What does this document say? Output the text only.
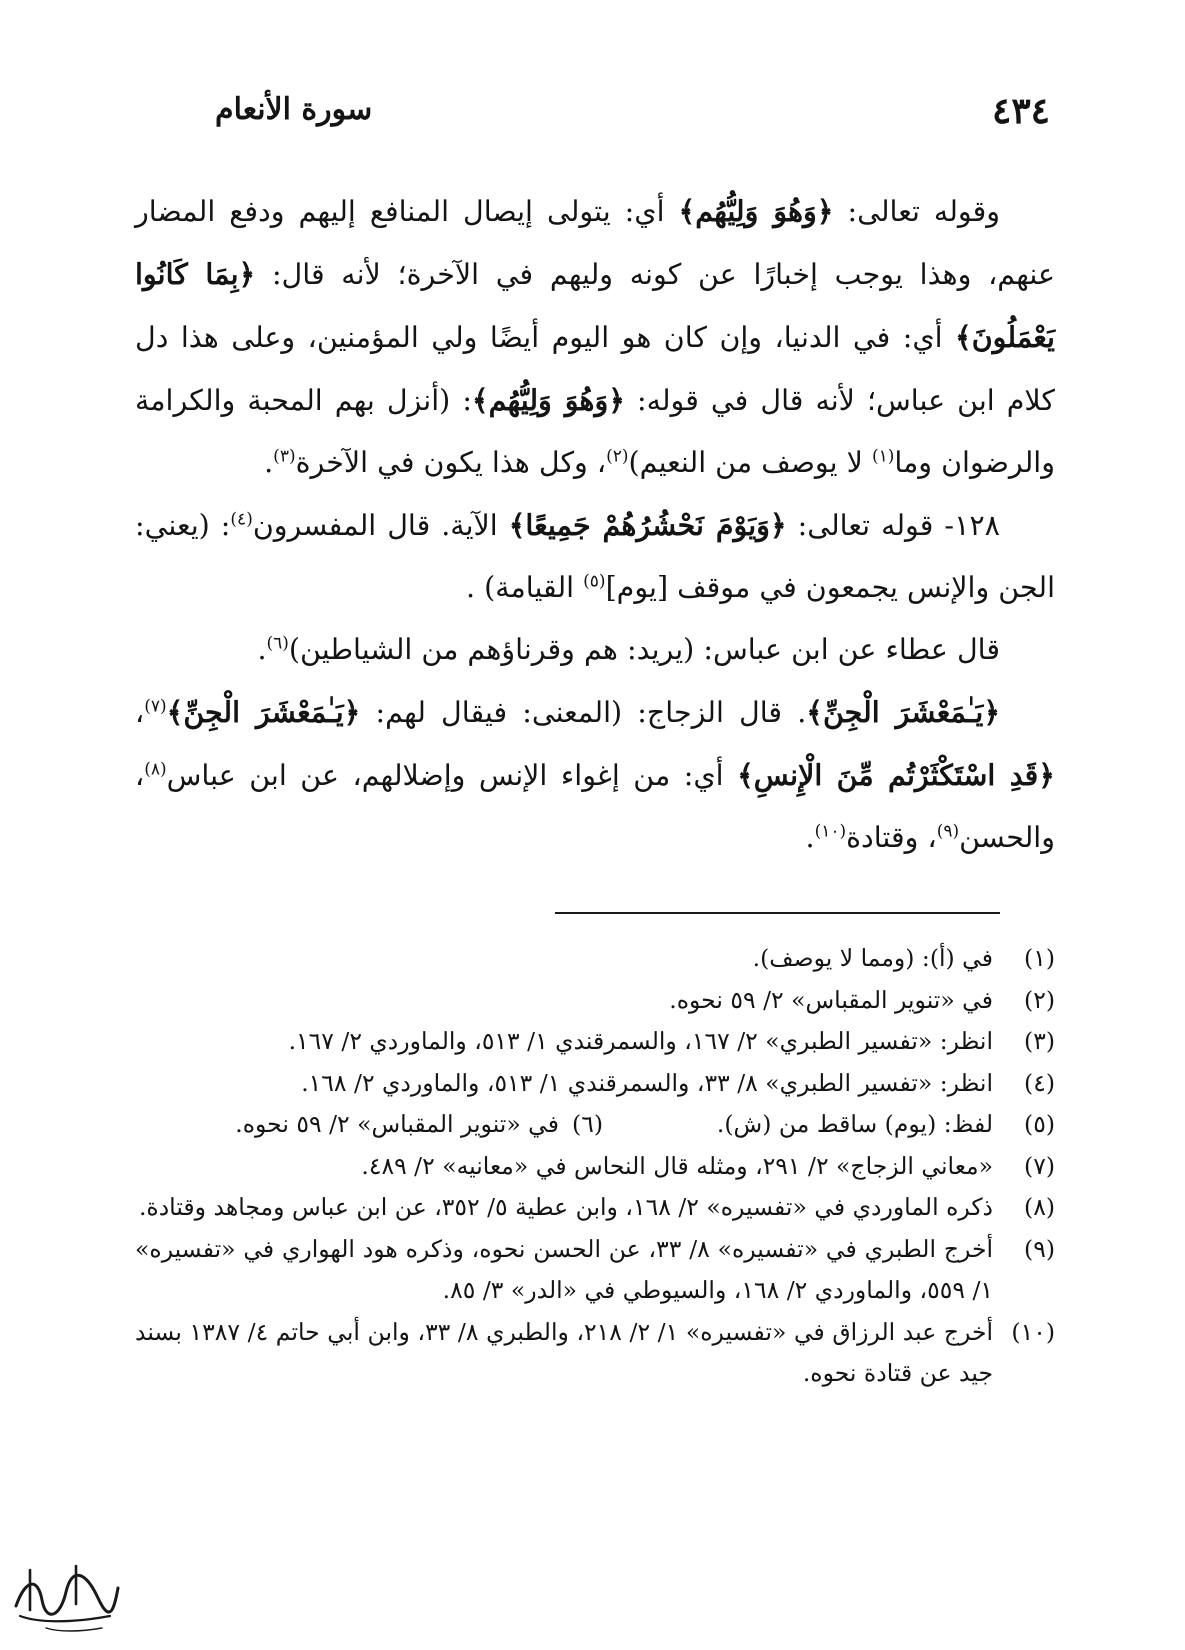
٤٣٤
سورة الأنعام

وقوله تعالى: ﴿وَهُوَ وَلِيُّهُم﴾ أي: يتولى إيصال المنافع إليهم ودفع المضار عنهم، وهذا يوجب إخبارًا عن كونه وليهم في الآخرة؛ لأنه قال: ﴿بِمَا كَانُوا يَعْمَلُونَ﴾ أي: في الدنيا، وإن كان هو اليوم أيضًا ولي المؤمنين، وعلى هذا دل كلام ابن عباس؛ لأنه قال في قوله: ﴿وَهُوَ وَلِيُّهُم﴾: (أنزل بهم المحبة والكرامة والرضوان وما$^{(١)}$ لا يوصف من النعيم)$^{(٢)}$، وكل هذا يكون في الآخرة$^{(٣)}$.

١٢٨- قوله تعالى: ﴿وَيَوْمَ نَحْشُرُهُمْ جَمِيعًا﴾ الآية. قال المفسرون$^{(٤)}$: (يعني: الجن والإنس يجمعون في موقف [يوم]$^{(٥)}$ القيامة) .

قال عطاء عن ابن عباس: (يريد: هم وقرناؤهم من الشياطين)$^{(٦)}$.

﴿يَـٰمَعْشَرَ الْجِنِّ﴾. قال الزجاج: (المعنى: فيقال لهم: ﴿يَـٰمَعْشَرَ الْجِنِّ﴾$^{(٧)}$، ﴿قَدِ اسْتَكْثَرْتُم مِّنَ الْإِنسِ﴾ أي: من إغواء الإنس وإضلالهم، عن ابن عباس$^{(٨)}$، والحسن$^{(٩)}$، وقتادة$^{(١٠)}$.

(١)
في (أ): (ومما لا يوصف).
(٢)
في «تنوير المقباس» ٢/ ٥٩ نحوه.
(٣)
انظر: «تفسير الطبري» ٢/ ١٦٧، والسمرقندي ١/ ٥١٣، والماوردي ٢/ ١٦٧.
(٤)
انظر: «تفسير الطبري» ٨/ ٣٣، والسمرقندي ١/ ٥١٣، والماوردي ٢/ ١٦٨.
(٥)
لفظ: (يوم) ساقط من (ش).
(٦)
في «تنوير المقباس» ٢/ ٥٩ نحوه.
(٧)
«معاني الزجاج» ٢/ ٢٩١، ومثله قال النحاس في «معانيه» ٢/ ٤٨٩.
(٨)
ذكره الماوردي في «تفسيره» ٢/ ١٦٨، وابن عطية ٥/ ٣٥٢، عن ابن عباس ومجاهد وقتادة.
(٩)
أخرج الطبري في «تفسيره» ٨/ ٣٣، عن الحسن نحوه، وذكره هود الهواري في «تفسيره» ١/ ٥٥٩، والماوردي ٢/ ١٦٨، والسيوطي في «الدر» ٣/ ٨٥.
(١٠)
أخرج عبد الرزاق في «تفسيره» ١/ ٢/ ٢١٨، والطبري ٨/ ٣٣، وابن أبي حاتم ٤/ ١٣٨٧ بسند جيد عن قتادة نحوه.
